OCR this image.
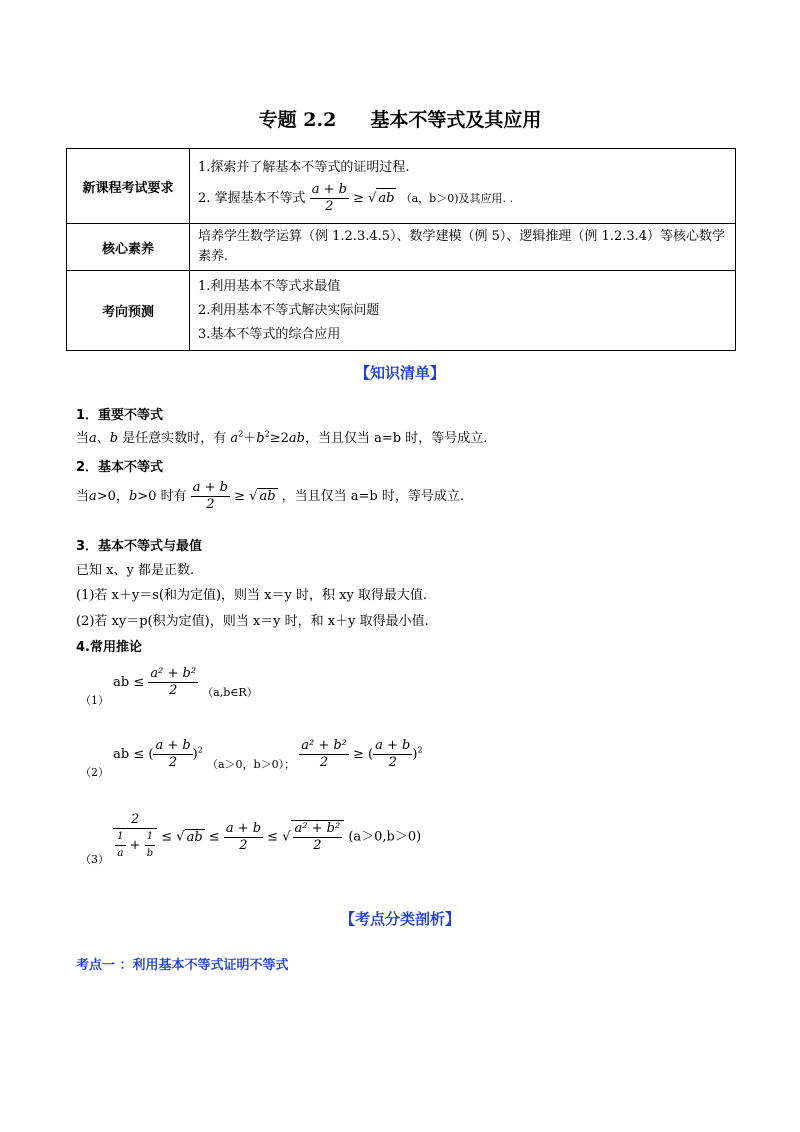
专题 2.2 基本不等式及其应用
新课程考试要求	1.探索并了解基本不等式的证明过程.
2. 掌握基本不等式 $\frac{a + b}{2}$ ≥ √ ab （a，b＞0)及其应用. .

核心素养	培养学生数学运算（例 1.2.3.4.5）、数学建模（例 5）、逻辑推理（例 1.2.3.4）等核心数学素养.
考向预测	1.利用基本不等式求最值
2.利用基本不等式解决实际问题
3.基本不等式的综合应用
【知识清单】
1．重要不等式
当a、b 是任意实数时，有 $a^2+b^2\ge 2ab$，当且仅当 a=b 时，等号成立.
2．基本不等式
当a>0，b>0 时有 $\frac{a + b}{2}$ ≥ √ ab ，当且仅当 a=b 时，等号成立.
3．基本不等式与最值
已知 x、y 都是正数.
(1)若 x＋y＝s(和为定值)，则当 x＝y 时，积 xy 取得最大值.
(2)若 xy＝p(积为定值)，则当 x＝y 时，和 x＋y 取得最小值.
4.常用推论
$_{(1)}$ ab ≤ $\frac{\text{a² + b²}}{2} _{(a,b\in R)}$
$_{(2)}$ ab ≤ ( $\frac{a + b}{2} )^2$ $_{(a>0,b>0);} \frac{\text{a² + b²}}{2}$ ≥ ( $\frac{a + b}{2} )^2$
$_{(3)} \frac{2}{\frac{1}{a} + \frac{1}{b}}$ ≤ √ ab ≤ $\frac{a + b}{2}$ ≤ √ $\frac{\text{a² + b²}}{2} (a>0,b>0)$
【考点分类剖析】
考点一 ：利用基本不等式证明不等式
